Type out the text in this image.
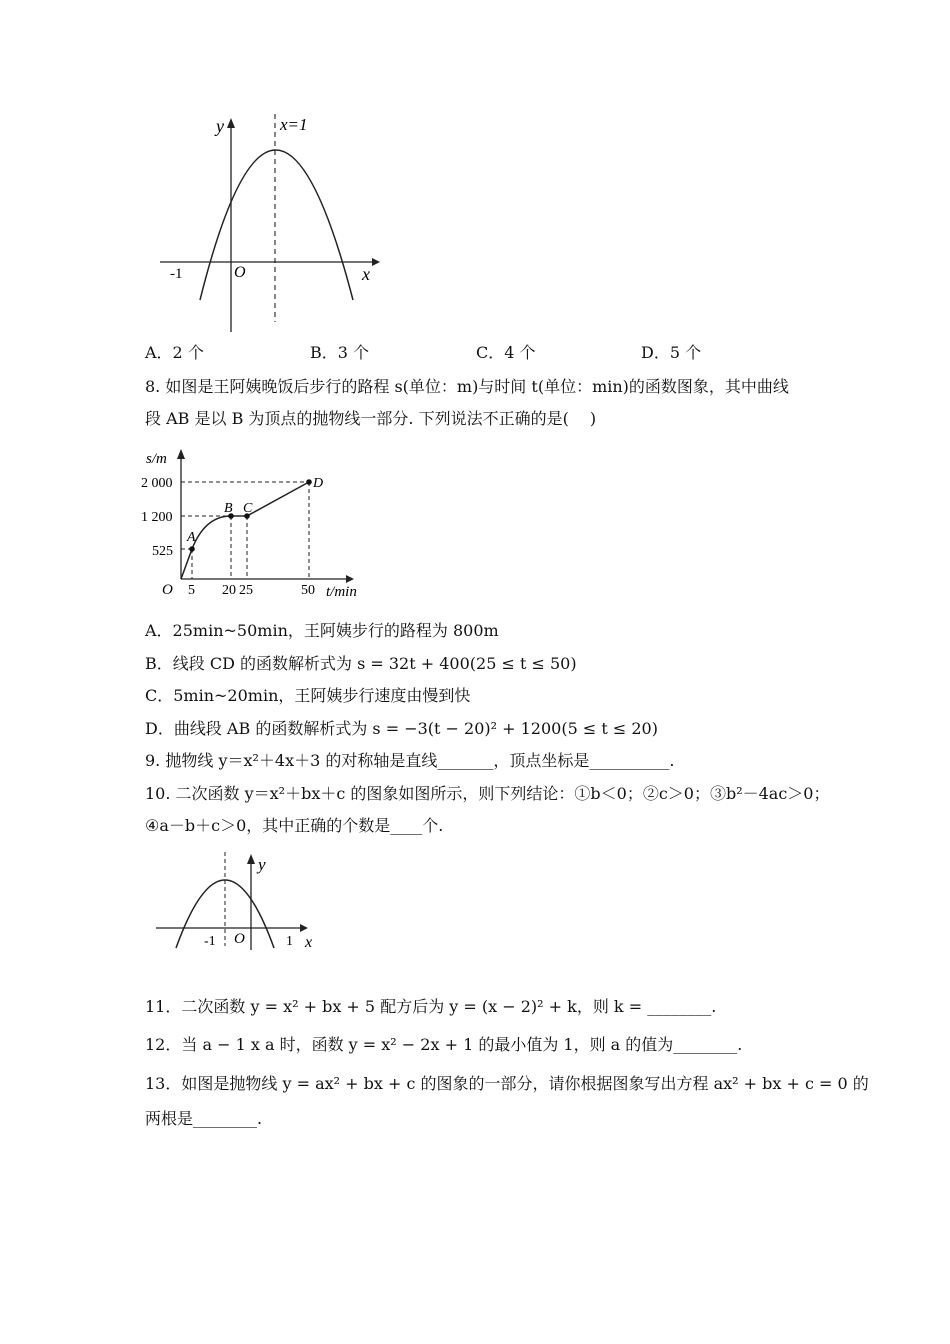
y	x=1
-1	O	x
A．2 个	B．3 个	C．4 个	D．5 个
8. 如图是王阿姨晚饭后步行的路程 s(单位：m)与时间 t(单位：min)的函数图象，其中曲线
段 AB 是以 B 为顶点的抛物线一部分. 下列说法不正确的是(　 )
s/m
2 000
1 200
525
O 5 20 25	50 t/min
A
B C
D
A．25min~50min，王阿姨步行的路程为 800m
B．线段 CD 的函数解析式为 s = 32t + 400(25 ≤ t ≤ 50)
C．5min~20min，王阿姨步行速度由慢到快
D．曲线段 AB 的函数解析式为 s = −3(t − 20)² + 1200(5 ≤ t ≤ 20)
9. 抛物线 y＝x²＋4x＋3 的对称轴是直线_______，顶点坐标是__________.
10. 二次函数 y＝x²＋bx＋c 的图象如图所示，则下列结论：①b＜0；②c＞0；③b²－4ac＞0；
④a－b＋c＞0，其中正确的个数是____个.
y
-1 O	1 x
11．二次函数 y = x² + bx + 5 配方后为 y = (x − 2)² + k，则 k = ________.
12．当 a − 1 x a 时，函数 y = x² − 2x + 1 的最小值为 1，则 a 的值为________.
13．如图是抛物线 y = ax² + bx + c 的图象的一部分，请你根据图象写出方程 ax² + bx + c = 0 的
两根是________.
